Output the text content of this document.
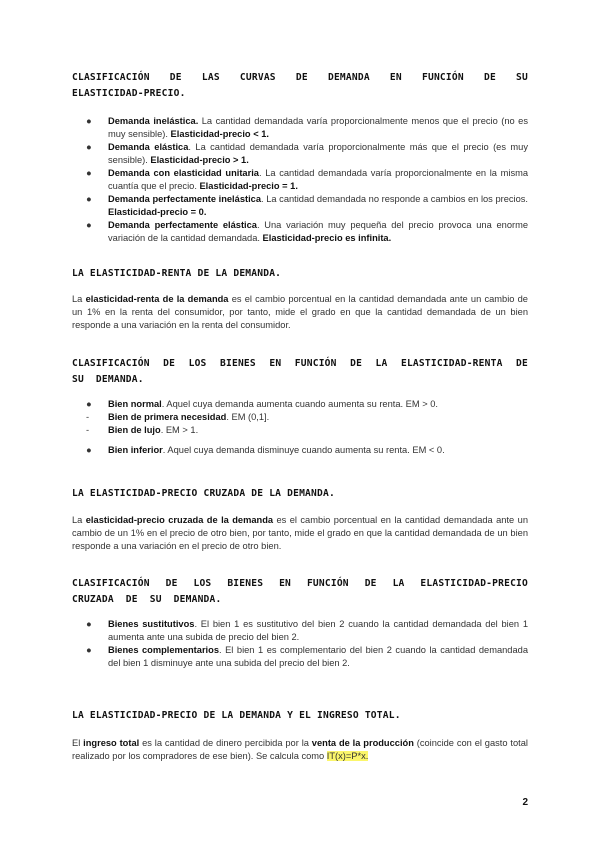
CLASIFICACIÓN DE LAS CURVAS DE DEMANDA EN FUNCIÓN DE SU ELASTICIDAD-PRECIO.
●	Demanda inelástica. La cantidad demandada varía proporcionalmente menos que el precio (no es muy sensible). Elasticidad-precio < 1.
●	Demanda elástica. La cantidad demandada varía proporcionalmente más que el precio (es muy sensible). Elasticidad-precio > 1.
●	Demanda con elasticidad unitaria. La cantidad demandada varía proporcionalmente en la misma cuantía que el precio. Elasticidad-precio = 1.
●	Demanda perfectamente inelástica. La cantidad demandada no responde a cambios en los precios. Elasticidad-precio = 0.
●	Demanda perfectamente elástica. Una variación muy pequeña del precio provoca una enorme variación de la cantidad demandada. Elasticidad-precio es infinita.
LA ELASTICIDAD-RENTA DE LA DEMANDA.

La elasticidad-renta de la demanda es el cambio porcentual en la cantidad demandada ante un cambio de un 1% en la renta del consumidor, por tanto, mide el grado en que la cantidad demandada de un bien responde a una variación en la renta del consumidor.

CLASIFICACIÓN DE LOS BIENES EN FUNCIÓN DE LA ELASTICIDAD-RENTA DE SU DEMANDA.
●	Bien normal. Aquel cuya demanda aumenta cuando aumenta su renta. EM > 0.
-	Bien de primera necesidad. EM (0,1].
-	Bien de lujo. EM > 1.
●	Bien inferior. Aquel cuya demanda disminuye cuando aumenta su renta. EM < 0.
LA ELASTICIDAD-PRECIO CRUZADA DE LA DEMANDA.

La elasticidad-precio cruzada de la demanda es el cambio porcentual en la cantidad demandada ante un cambio de un 1% en el precio de otro bien, por tanto, mide el grado en que la cantidad demandada de un bien responde a una variación en el precio de otro bien.

CLASIFICACIÓN DE LOS BIENES EN FUNCIÓN DE LA ELASTICIDAD-PRECIO CRUZADA DE SU DEMANDA.
●	Bienes sustitutivos. El bien 1 es sustitutivo del bien 2 cuando la cantidad demandada del bien 1 aumenta ante una subida de precio del bien 2.
●	Bienes complementarios. El bien 1 es complementario del bien 2 cuando la cantidad demandada del bien 1 disminuye ante una subida del precio del bien 2.
LA ELASTICIDAD-PRECIO DE LA DEMANDA Y EL INGRESO TOTAL.

El ingreso total es la cantidad de dinero percibida por la venta de la producción (coincide con el gasto total realizado por los compradores de ese bien). Se calcula como IT(x)=P*x.

2
